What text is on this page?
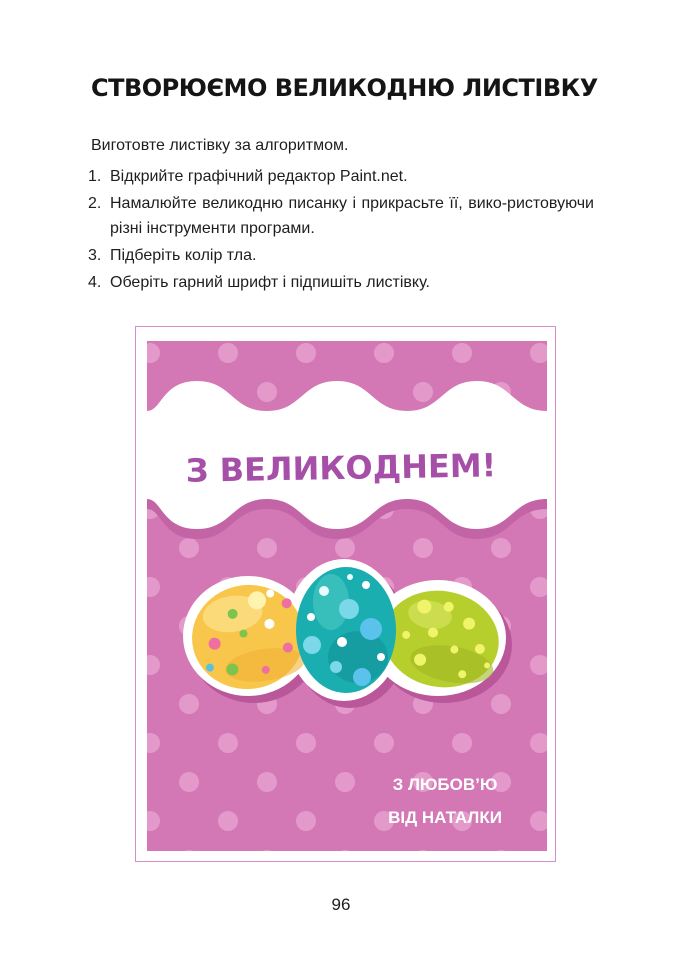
СТВОРЮЄМО ВЕЛИКОДНЮ ЛИСТІВКУ
Виготовте листівку за алгоритмом.
1. Відкрийте графічний редактор Paint.net.
2. Намалюйте великодню писанку і прикрасьте її, вико-ристовуючи різні інструменти програми.
3. Підберіть колір тла.
4. Оберіть гарний шрифт і підпишіть листівку.
З ВЕЛИКОДНЕМ!
З ЛЮБОВ’Ю
ВІД НАТАЛКИ
96
